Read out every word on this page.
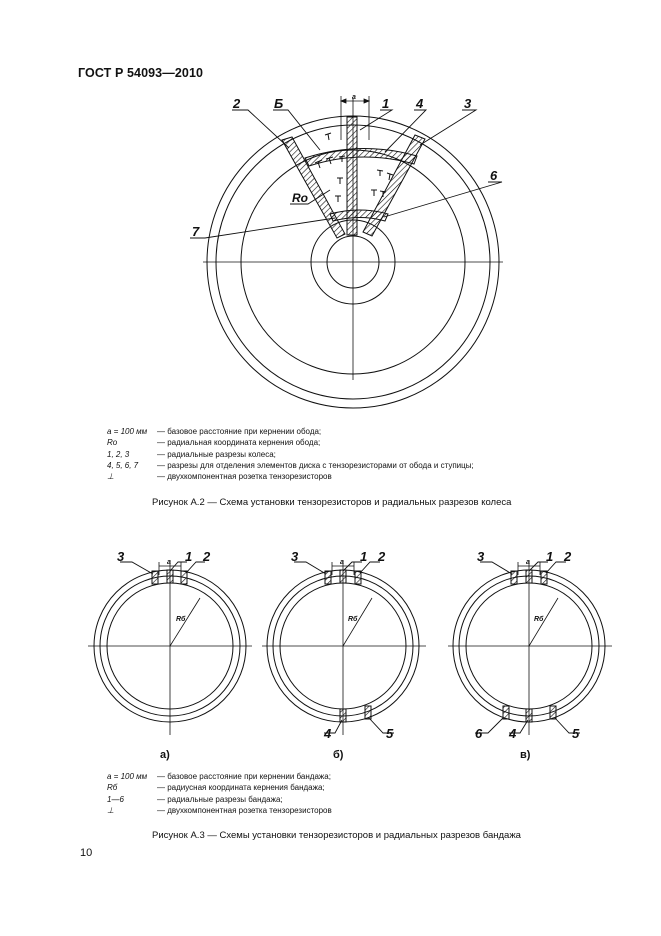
ГОСТ Р 54093—2010
a
2	Б	1 4	3
6
7
Ro
a
Rб
3	1 2	a
Rб
3	1 2
4	5
a
Rб
3	1 2
6 4	5
a = 100 мм — базовое расстояние при кернении обода;
Ro	— радиальная координата кернения обода;
1, 2, 3	— радиальные разрезы колеса;
4, 5, 6, 7 — разрезы для отделения элементов диска с тензорезисторами от обода и ступицы;
⊥	— двухкомпонентная розетка тензорезисторов
Рисунок А.2 — Схема установки тензорезисторов и радиальных разрезов колеса
а)	б)	в)
a = 100 мм — базовое расстояние при кернении бандажа;
Rб	— радиусная координата кернения бандажа;
1—6	— радиальные разрезы бандажа;
⊥	— двухкомпонентная розетка тензорезисторов
Рисунок А.3 — Схемы установки тензорезисторов и радиальных разрезов бандажа
10
